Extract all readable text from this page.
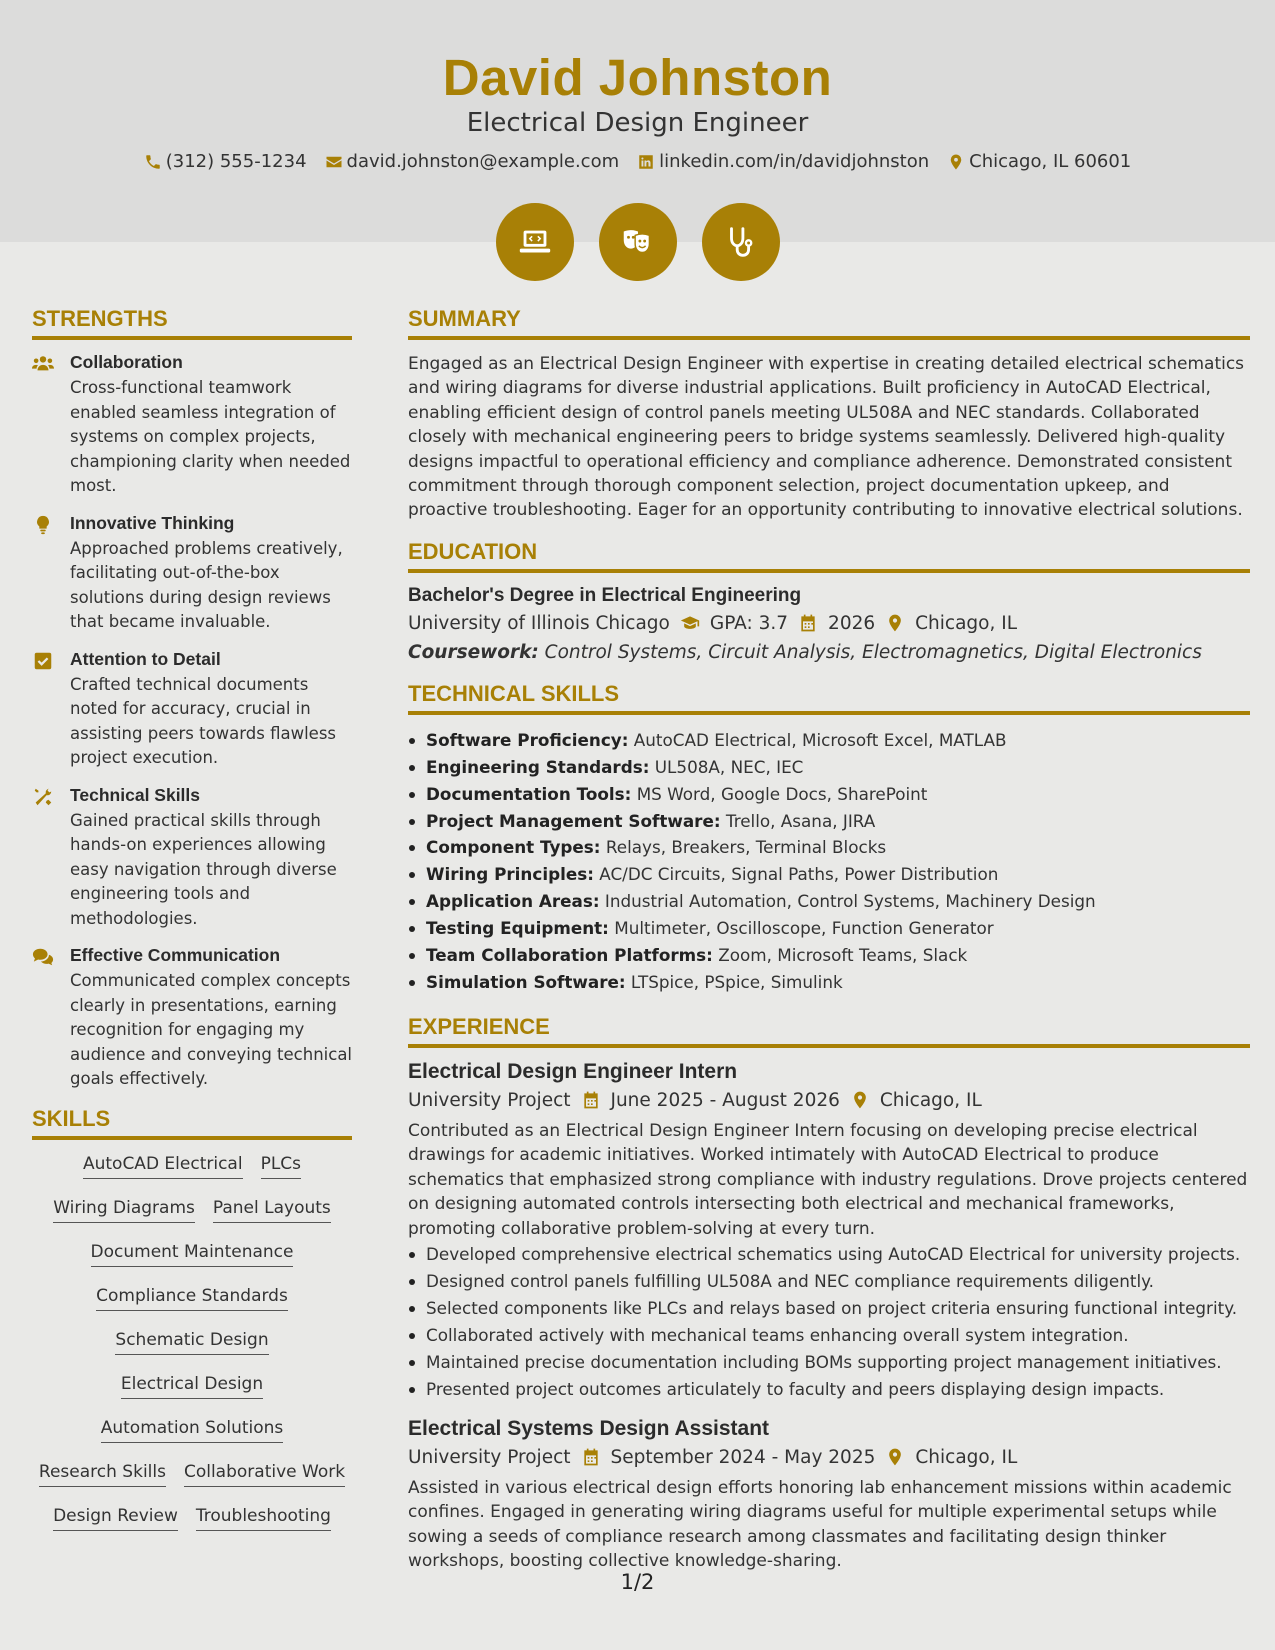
David Johnston
Electrical Design Engineer
(312) 555-1234 david.johnston@example.com linkedin.com/in/davidjohnston Chicago, IL 60601
STRENGTHS
Collaboration
Cross-functional teamwork enabled seamless integration of systems on complex projects, championing clarity when needed most.
Innovative Thinking
Approached problems creatively, facilitating out-of-the-box solutions during design reviews that became invaluable.
Attention to Detail
Crafted technical documents noted for accuracy, crucial in assisting peers towards flawless project execution.
Technical Skills
Gained practical skills through hands-on experiences allowing easy navigation through diverse engineering tools and methodologies.
Effective Communication
Communicated complex concepts clearly in presentations, earning recognition for engaging my audience and conveying technical goals effectively.
SKILLS
AutoCAD Electrical PLCs
Wiring Diagrams Panel Layouts
Document Maintenance
Compliance Standards
Schematic Design
Electrical Design
Automation Solutions
Research Skills Collaborative Work
Design Review Troubleshooting
SUMMARY
Engaged as an Electrical Design Engineer with expertise in creating detailed electrical schematics and wiring diagrams for diverse industrial applications. Built proficiency in AutoCAD Electrical, enabling efficient design of control panels meeting UL508A and NEC standards. Collaborated closely with mechanical engineering peers to bridge systems seamlessly. Delivered high-quality designs impactful to operational efficiency and compliance adherence. Demonstrated consistent commitment through thorough component selection, project documentation upkeep, and proactive troubleshooting. Eager for an opportunity contributing to innovative electrical solutions.
EDUCATION
Bachelor's Degree in Electrical Engineering
University of Illinois Chicago GPA: 3.7 2026 Chicago, IL
Coursework: Control Systems, Circuit Analysis, Electromagnetics, Digital Electronics
TECHNICAL SKILLS
Software Proficiency: AutoCAD Electrical, Microsoft Excel, MATLAB
Engineering Standards: UL508A, NEC, IEC
Documentation Tools: MS Word, Google Docs, SharePoint
Project Management Software: Trello, Asana, JIRA
Component Types: Relays, Breakers, Terminal Blocks
Wiring Principles: AC/DC Circuits, Signal Paths, Power Distribution
Application Areas: Industrial Automation, Control Systems, Machinery Design
Testing Equipment: Multimeter, Oscilloscope, Function Generator
Team Collaboration Platforms: Zoom, Microsoft Teams, Slack
Simulation Software: LTSpice, PSpice, Simulink
EXPERIENCE
Electrical Design Engineer Intern
University Project June 2025 - August 2026 Chicago, IL
Contributed as an Electrical Design Engineer Intern focusing on developing precise electrical drawings for academic initiatives. Worked intimately with AutoCAD Electrical to produce schematics that emphasized strong compliance with industry regulations. Drove projects centered on designing automated controls intersecting both electrical and mechanical frameworks, promoting collaborative problem-solving at every turn.
Developed comprehensive electrical schematics using AutoCAD Electrical for university projects.
Designed control panels fulfilling UL508A and NEC compliance requirements diligently.
Selected components like PLCs and relays based on project criteria ensuring functional integrity.
Collaborated actively with mechanical teams enhancing overall system integration.
Maintained precise documentation including BOMs supporting project management initiatives.
Presented project outcomes articulately to faculty and peers displaying design impacts.
Electrical Systems Design Assistant
University Project September 2024 - May 2025 Chicago, IL
Assisted in various electrical design efforts honoring lab enhancement missions within academic confines. Engaged in generating wiring diagrams useful for multiple experimental setups while sowing a seeds of compliance research among classmates and facilitating design thinker workshops, boosting collective knowledge-sharing.
1/2
